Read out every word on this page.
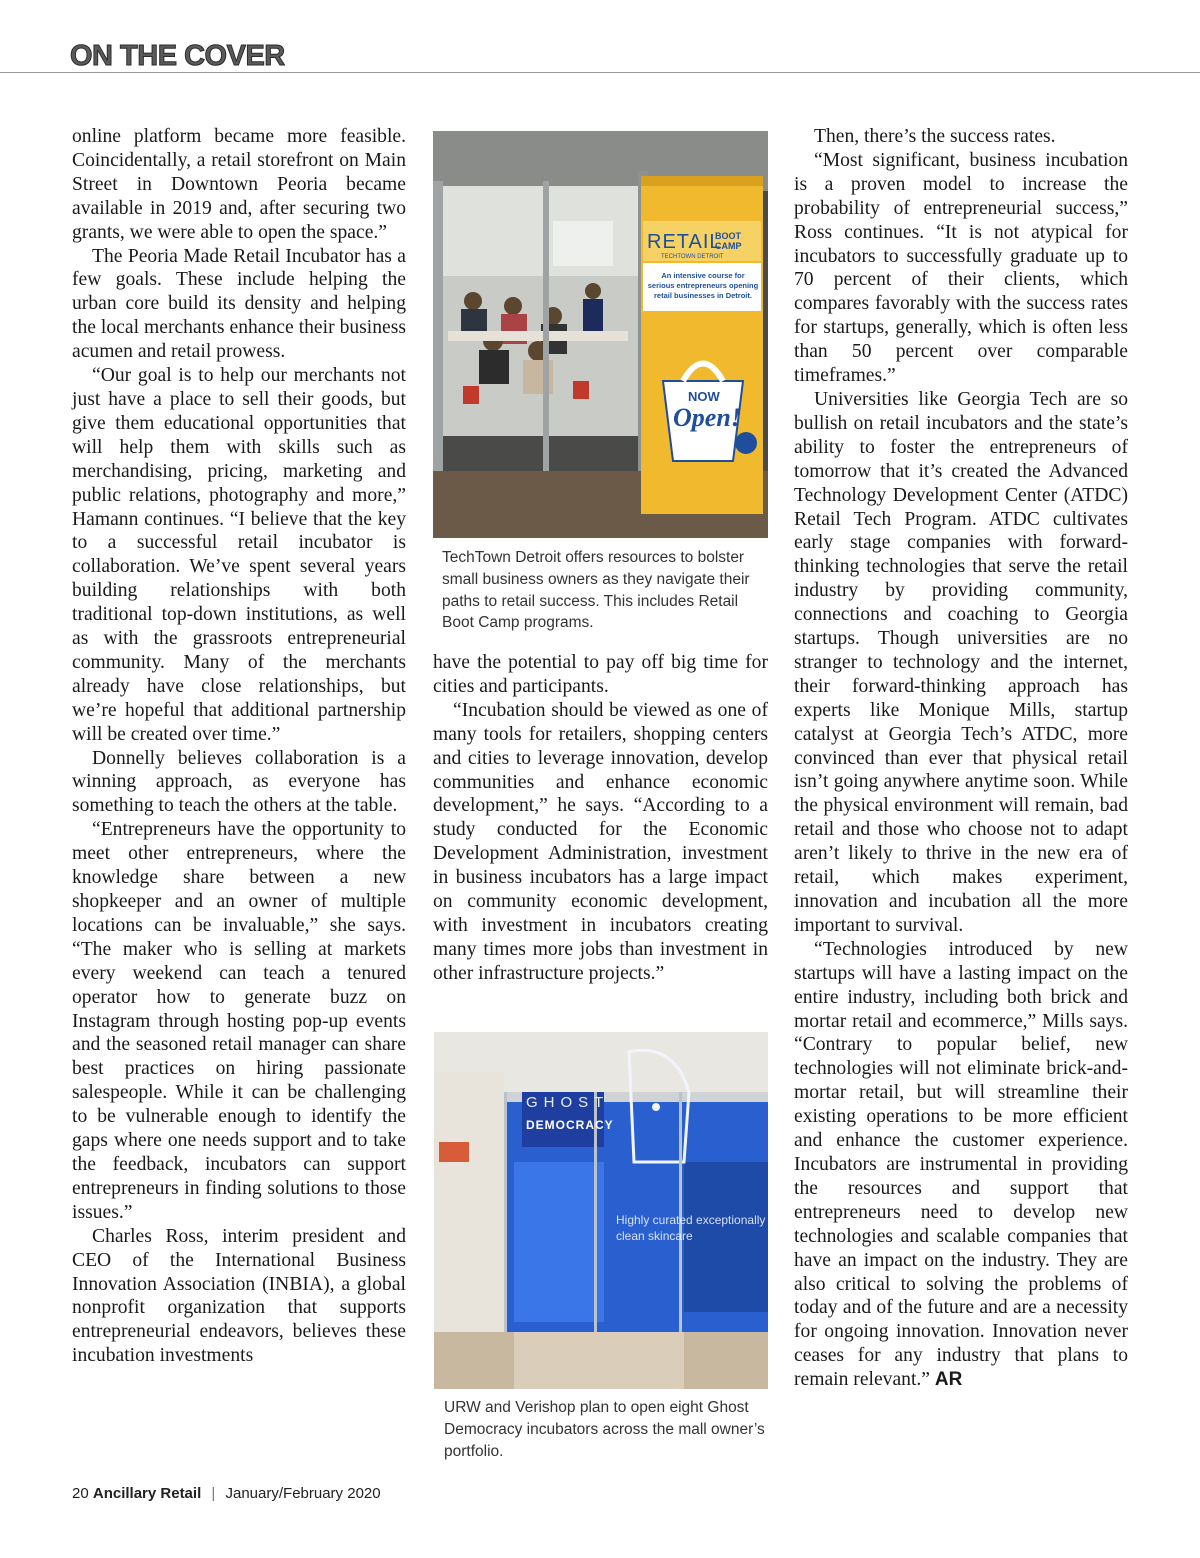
ON THE COVER

online platform became more feasible. Coincidentally, a retail storefront on Main Street in Downtown Peoria became available in 2019 and, after securing two grants, we were able to open the space.”

The Peoria Made Retail Incubator has a few goals. These include helping the urban core build its density and helping the local merchants enhance their business acumen and retail prowess.

“Our goal is to help our merchants not just have a place to sell their goods, but give them educational opportunities that will help them with skills such as merchandising, pricing, marketing and public relations, photography and more,” Hamann continues. “I believe that the key to a successful retail incubator is collaboration. We’ve spent several years building relationships with both traditional top-down institutions, as well as with the grassroots entrepreneurial community. Many of the merchants already have close relationships, but we’re hopeful that additional partnership will be created over time.”

Donnelly believes collaboration is a winning approach, as everyone has something to teach the others at the table.

“Entrepreneurs have the opportunity to meet other entrepreneurs, where the knowledge share between a new shopkeeper and an owner of multiple locations can be invaluable,” she says. “The maker who is selling at markets every weekend can teach a tenured operator how to generate buzz on Instagram through hosting pop-up events and the seasoned retail manager can share best practices on hiring passionate salespeople. While it can be challenging to be vulnerable enough to identify the gaps where one needs support and to take the feedback, incubators can support entrepreneurs in finding solutions to those issues.”

Charles Ross, interim president and CEO of the International Business Innovation Association (INBIA), a global nonprofit organization that supports entrepreneurial endeavors, believes these incubation investments

RETAIL
BOOT
CAMP
TECHTOWN DETROIT
An intensive course for serious entrepreneurs opening retail businesses in Detroit.
NOW
Open!
TechTown Detroit offers resources to bolster small business owners as they navigate their paths to retail success. This includes Retail Boot Camp programs.

have the potential to pay off big time for cities and participants.

“Incubation should be viewed as one of many tools for retailers, shopping centers and cities to leverage innovation, develop communities and enhance economic development,” he says. “According to a study conducted for the Economic Development Administration, investment in business incubators has a large impact on community economic development, with investment in incubators creating many times more jobs than investment in other infrastructure projects.”

GHOST
DEMOCRACY
Highly curated exceptionally clean skincare
URW and Verishop plan to open eight Ghost Democracy incubators across the mall owner’s portfolio.

Then, there’s the success rates.

“Most significant, business incubation is a proven model to increase the probability of entrepreneurial success,” Ross continues. “It is not atypical for incubators to successfully graduate up to 70 percent of their clients, which compares favorably with the success rates for startups, generally, which is often less than 50 percent over comparable timeframes.”

Universities like Georgia Tech are so bullish on retail incubators and the state’s ability to foster the entrepreneurs of tomorrow that it’s created the Advanced Technology Development Center (ATDC) Retail Tech Program. ATDC cultivates early stage companies with forward-thinking technologies that serve the retail industry by providing community, connections and coaching to Georgia startups. Though universities are no stranger to technology and the internet, their forward-thinking approach has experts like Monique Mills, startup catalyst at Georgia Tech’s ATDC, more convinced than ever that physical retail isn’t going anywhere anytime soon. While the physical environment will remain, bad retail and those who choose not to adapt aren’t likely to thrive in the new era of retail, which makes experiment, innovation and incubation all the more important to survival.

“Technologies introduced by new startups will have a lasting impact on the entire industry, including both brick and mortar retail and ecommerce,” Mills says. “Contrary to popular belief, new technologies will not eliminate brick-and-mortar retail, but will streamline their existing operations to be more efficient and enhance the customer experience. Incubators are instrumental in providing the resources and support that entrepreneurs need to develop new technologies and scalable companies that have an impact on the industry. They are also critical to solving the problems of today and of the future and are a necessity for ongoing innovation. Innovation never ceases for any industry that plans to remain relevant.” AR

20 Ancillary Retail | January/February 2020
